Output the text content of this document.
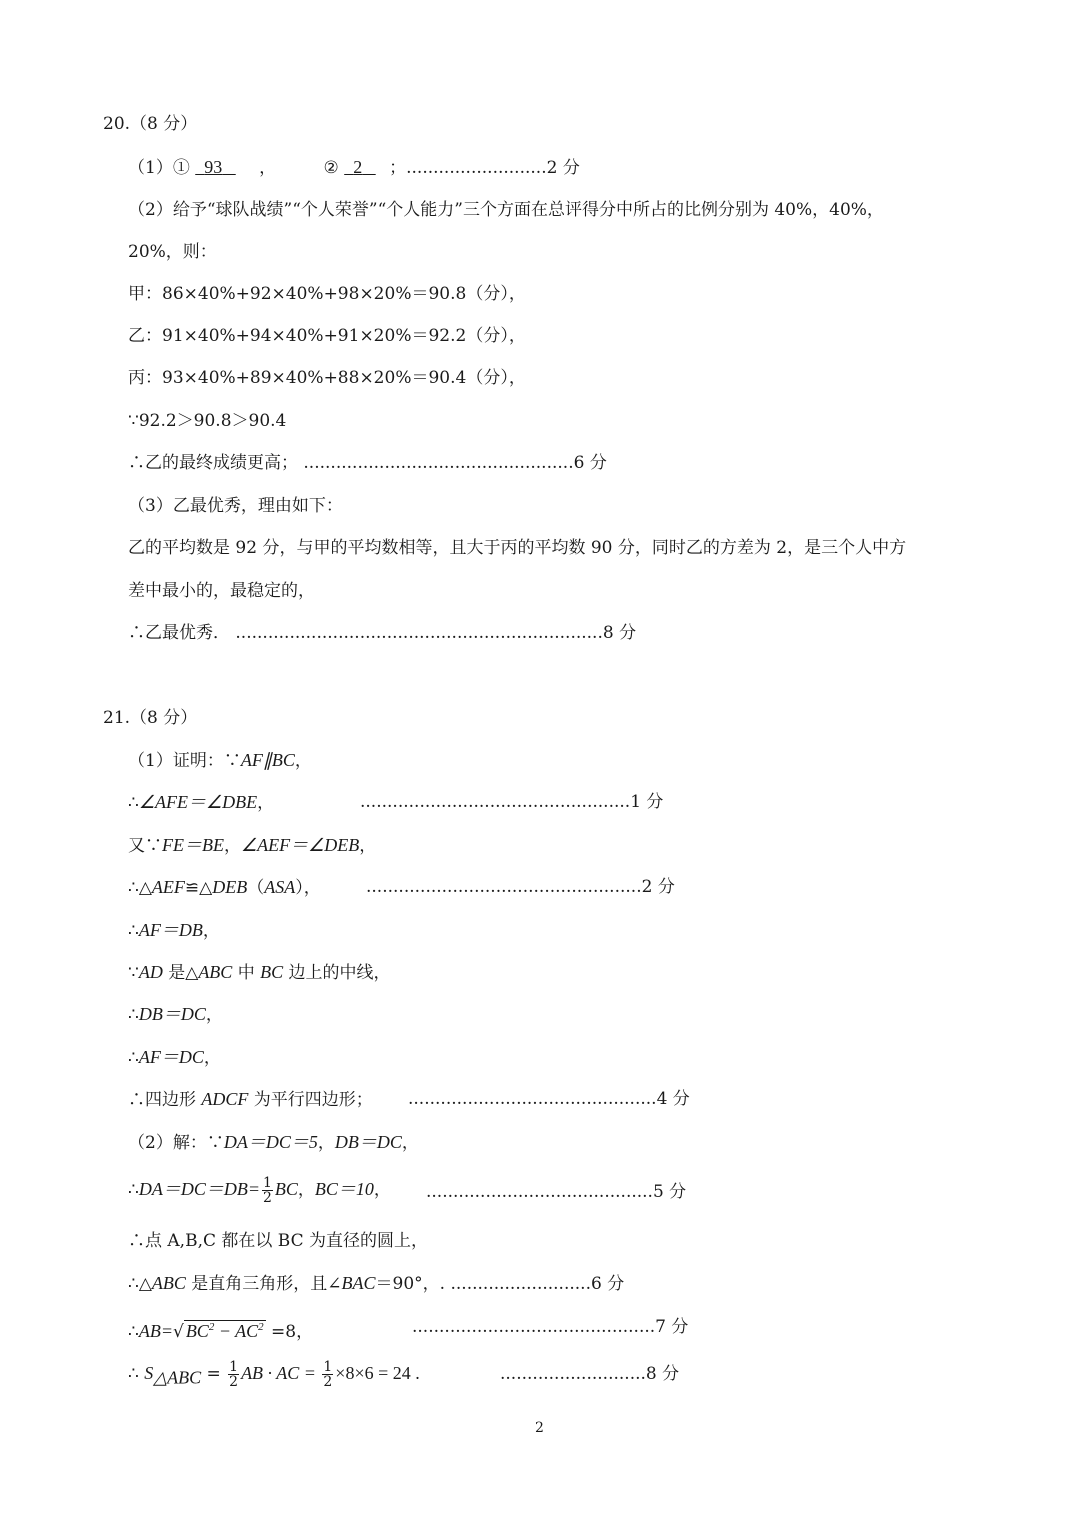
20.（8 分）
（1）①   93 ，	②   2 ；..........................2 分
（2）给予“球队战绩”“个人荣誉”“个人能力”三个方面在总评得分中所占的比例分别为 40%，40%，
20%，则：
甲：86×40%+92×40%+98×20%＝90.8（分），
乙：91×40%+94×40%+91×20%＝92.2（分），
丙：93×40%+89×40%+88×20%＝90.4（分），
∵92.2＞90.8＞90.4
∴乙的最终成绩更高； ..................................................6 分
（3）乙最优秀，理由如下：
乙的平均数是 92 分，与甲的平均数相等，且大于丙的平均数 90 分，同时乙的方差为 2，是三个人中方
差中最小的，最稳定的，
∴乙最优秀． ....................................................................8 分
21.（8 分）
（1）证明：∵AF∥BC，
∴∠AFE＝∠DBE，	..................................................1 分
又∵FE＝BE，∠AEF＝∠DEB，
∴△AEF≌△DEB（ASA），	...................................................2 分
∴AF＝DB，
∵AD 是△ABC 中 BC 边上的中线，
∴DB＝DC，
∴AF＝DC，
∴四边形 ADCF 为平行四边形； ..............................................4 分
（2）解：∵DA＝DC＝5，DB＝DC，
∴DA＝DC＝DB= $\frac{1}{2}$ BC，BC＝10， ..........................................5 分
∴点 A,B,C 都在以 BC 为直径的圆上，
∴△ABC 是直角三角形，且∠BAC＝90°，. ..........................6 分
∴AB=√ $BC^2 - AC^2 =8$，	.............................................7 分
∴ $S_{\triangle ABC} = \frac{1}{2}$ AB · AC = $\frac{1}{2} \times 8\times 6 = 24$ .	...........................8 分
2
